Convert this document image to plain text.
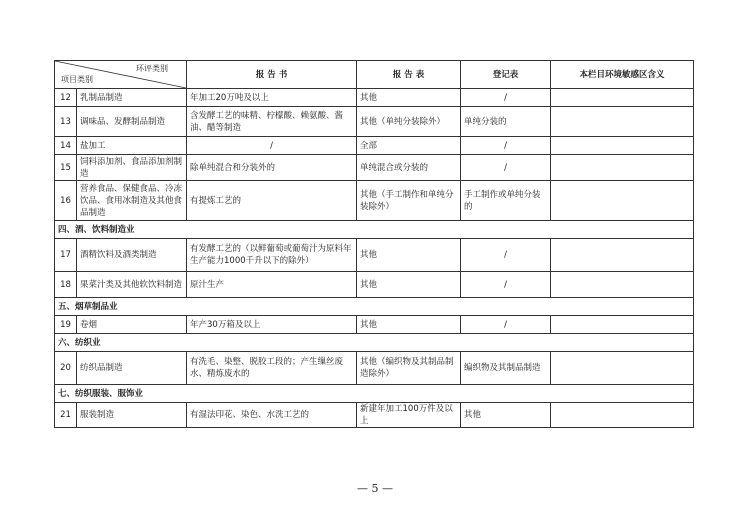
环评类别
项目类别		报 告 书	报 告 表	登记表	本栏目环境敏感区含义
12	乳制品制造	年加工20万吨及以上	其他	/	
13	调味品、发酵制品制造	含发酵工艺的味精、柠檬酸、赖氨酸、酱油、醋等制造	其他（单纯分装除外）	单纯分装的	
14	盐加工	/	全部	/	
15	饲料添加剂、食品添加剂制造	除单纯混合和分装外的	单纯混合或分装的	/	
16	营养食品、保健食品、冷冻饮品、食用冰制造及其他食品制造	有提炼工艺的	其他（手工制作和单纯分装除外）	手工制作或单纯分装的	
四、酒、饮料制造业					
17	酒精饮料及酒类制造	有发酵工艺的（以鲜葡萄或葡萄汁为原料年生产能力1000千升以下的除外）	其他	/	
18	果菜汁类及其他软饮料制造	原汁生产	其他	/	
五、烟草制品业					
19	卷烟	年产30万箱及以上	其他	/	
六、纺织业					
20	纺织品制造	有洗毛、染整、脱胶工段的；产生缫丝废水、精炼废水的	其他（编织物及其制品制造除外）	编织物及其制品制造	
七、纺织服装、服饰业					
21	服装制造	有湿法印花、染色、水洗工艺的	新建年加工100万件及以上	其他	
— 5 —
